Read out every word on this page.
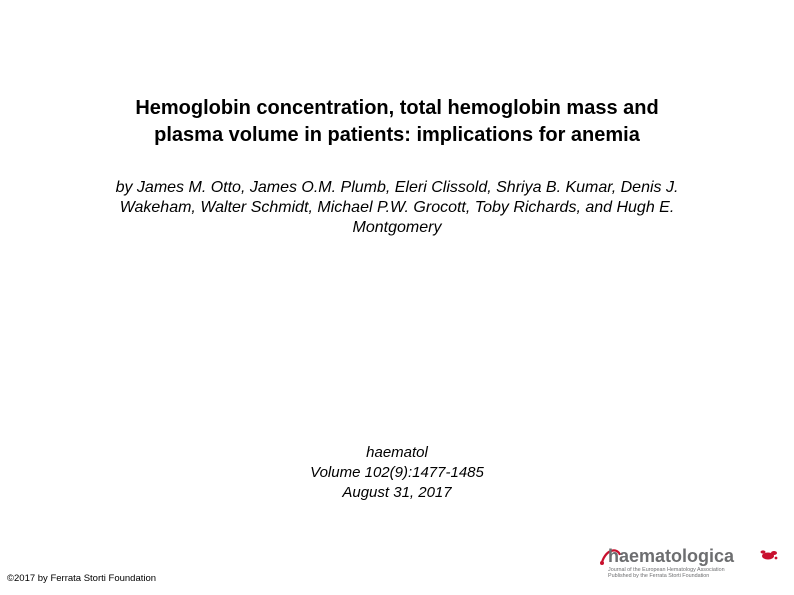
Hemoglobin concentration, total hemoglobin mass and
plasma volume in patients: implications for anemia
by James M. Otto, James O.M. Plumb, Eleri Clissold, Shriya B. Kumar, Denis J.
Wakeham, Walter Schmidt, Michael P.W. Grocott, Toby Richards, and Hugh E.
Montgomery
haematol
Volume 102(9):1477-1485
August 31, 2017
©2017 by Ferrata Storti Foundation
haematologica
Journal of the European Hematology Association
Published by the Ferrata Storti Foundation
